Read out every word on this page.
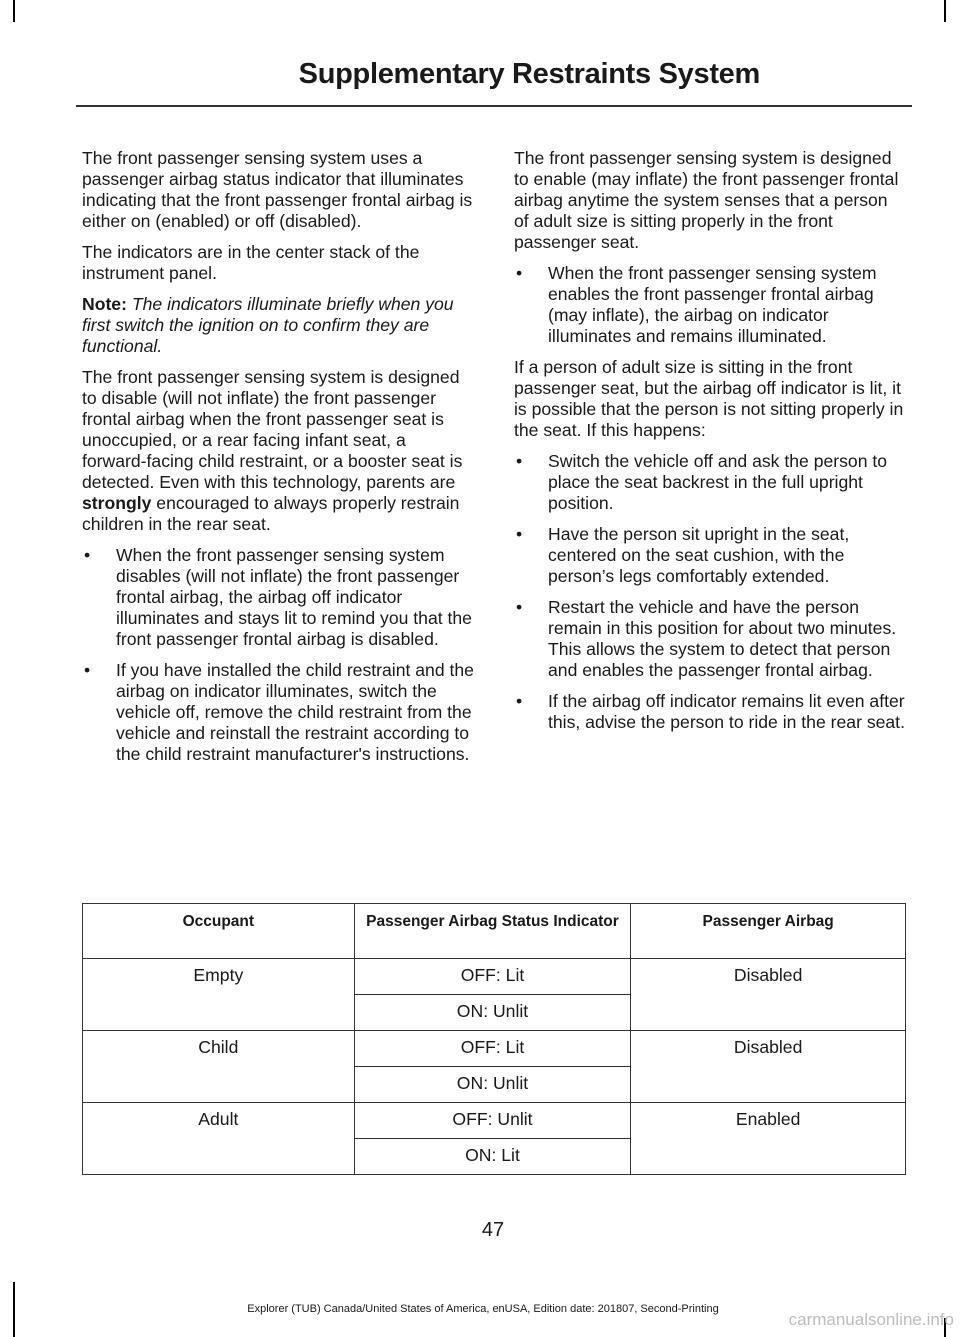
Supplementary Restraints System

The front passenger sensing system uses a passenger airbag status indicator that illuminates indicating that the front passenger frontal airbag is either on (enabled) or off (disabled).

The indicators are in the center stack of the instrument panel.

Note: The indicators illuminate briefly when you first switch the ignition on to confirm they are functional.

The front passenger sensing system is designed to disable (will not inflate) the front passenger frontal airbag when the front passenger seat is unoccupied, or a rear facing infant seat, a forward-facing child restraint, or a booster seat is detected. Even with this technology, parents are strongly encouraged to always properly restrain children in the rear seat.

• When the front passenger sensing system disables (will not inflate) the front passenger frontal airbag, the airbag off indicator illuminates and stays lit to remind you that the front passenger frontal airbag is disabled.
• If you have installed the child restraint and the airbag on indicator illuminates, switch the vehicle off, remove the child restraint from the vehicle and reinstall the restraint according to the child restraint manufacturer's instructions.

The front passenger sensing system is designed to enable (may inflate) the front passenger frontal airbag anytime the system senses that a person of adult size is sitting properly in the front passenger seat.

• When the front passenger sensing system enables the front passenger frontal airbag (may inflate), the airbag on indicator illuminates and remains illuminated.

If a person of adult size is sitting in the front passenger seat, but the airbag off indicator is lit, it is possible that the person is not sitting properly in the seat. If this happens:

• Switch the vehicle off and ask the person to place the seat backrest in the full upright position.
• Have the person sit upright in the seat, centered on the seat cushion, with the person’s legs comfortably extended.
• Restart the vehicle and have the person remain in this position for about two minutes. This allows the system to detect that person and enables the passenger frontal airbag.
• If the airbag off indicator remains lit even after this, advise the person to ride in the rear seat.
Occupant	Passenger Airbag Status Indicator	Passenger Airbag
Empty	OFF: Lit	Disabled
	ON: Unlit	
Child	OFF: Lit	Disabled
	ON: Unlit	
Adult	OFF: Unlit	Enabled
	ON: Lit	
47
Explorer (TUB) Canada/United States of America, enUSA, Edition date: 201807, Second-Printing
carmanualsonline.info
